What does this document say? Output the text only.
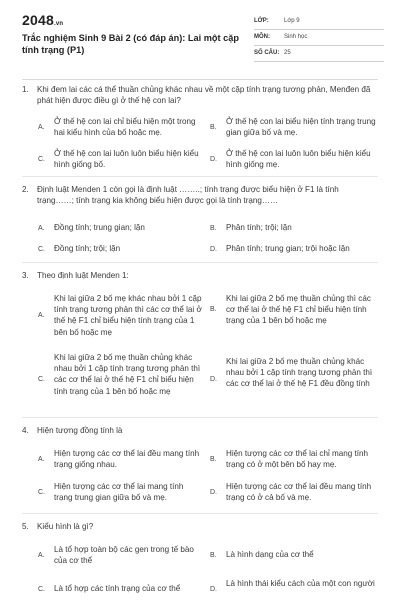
2048.vn
Trắc nghiệm Sinh 9 Bài 2 (có đáp án): Lai một cặp tính trạng (P1)
LỚP:	Lớp 9
MÔN: Sinh học
SỐ CÂU: 25
1. Khi đem lai các cá thể thuần chủng khác nhau về một cặp tính trạng tương phản, Menđen đã phát hiện được điều gì ở thế hệ con lai?
A.
Ở thế hệ con lai chỉ biểu hiện một trong hai kiểu hình của bố hoặc mẹ.
B.
Ở thế hệ con lai biểu hiện tính trạng trung gian giữa bố và mẹ.
C.
Ở thế hệ con lai luôn luôn biểu hiện kiểu hình giống bố.
D.
Ở thế hệ con lai luôn luôn biểu hiện kiểu hình giống mẹ.
2. Định luật Menden 1 còn gọi là định luật ……..; tính trạng được biểu hiện ở F1 là tính trạng……; tính trạng kia không biểu hiện được gọi là tính trạng……
A. Đồng tính; trung gian; lặn	B. Phân tính; trội; lặn
C. Đồng tính; trội; lặn	D. Phân tính; trung gian; trội hoặc lặn
3. Theo định luật Menden 1:
A.
Khi lai giữa 2 bố mẹ khác nhau bởi 1 cặp tính trạng tương phản thì các cơ thể lai ở thế hệ F1 chỉ biểu hiện tính trạng của 1 bên bố hoặc mẹ
B.
Khi lai giữa 2 bố mẹ thuần chủng thì các cơ thể lai ở thế hệ F1 chỉ biểu hiện tính trạng của 1 bên bố hoặc mẹ
C.
Khi lai giữa 2 bố mẹ thuần chủng khác nhau bởi 1 cặp tính trạng tương phản thì các cơ thể lai ở thế hệ F1 chỉ biểu hiện tính trạng của 1 bên bố hoặc mẹ
D.
Khi lai giữa 2 bố mẹ thuần chủng khác nhau bởi 1 cặp tính trạng tương phản thì các cơ thể lai ở thế hệ F1 đều đồng tính
4. Hiện tượng đồng tính là
A.
Hiện tượng các cơ thể lai đều mang tính trạng giống nhau.
B.
Hiện tượng các cơ thể lai chỉ mang tính trạng có ở một bên bố hay mẹ.
C.
Hiện tượng các cơ thể lai mang tính trạng trung gian giữa bố và mẹ.
D.
Hiện tượng các cơ thể lai đều mang tính trạng có ở cả bố và mẹ.
5. Kiểu hình là gì?
A.
Là tổ hợp toàn bộ các gen trong tế bào của cơ thể
B. Là hình dạng của cơ thể
C. Là tổ hợp các tính trạng của cơ thể	D.
Là hình thái kiểu cách của một con người
